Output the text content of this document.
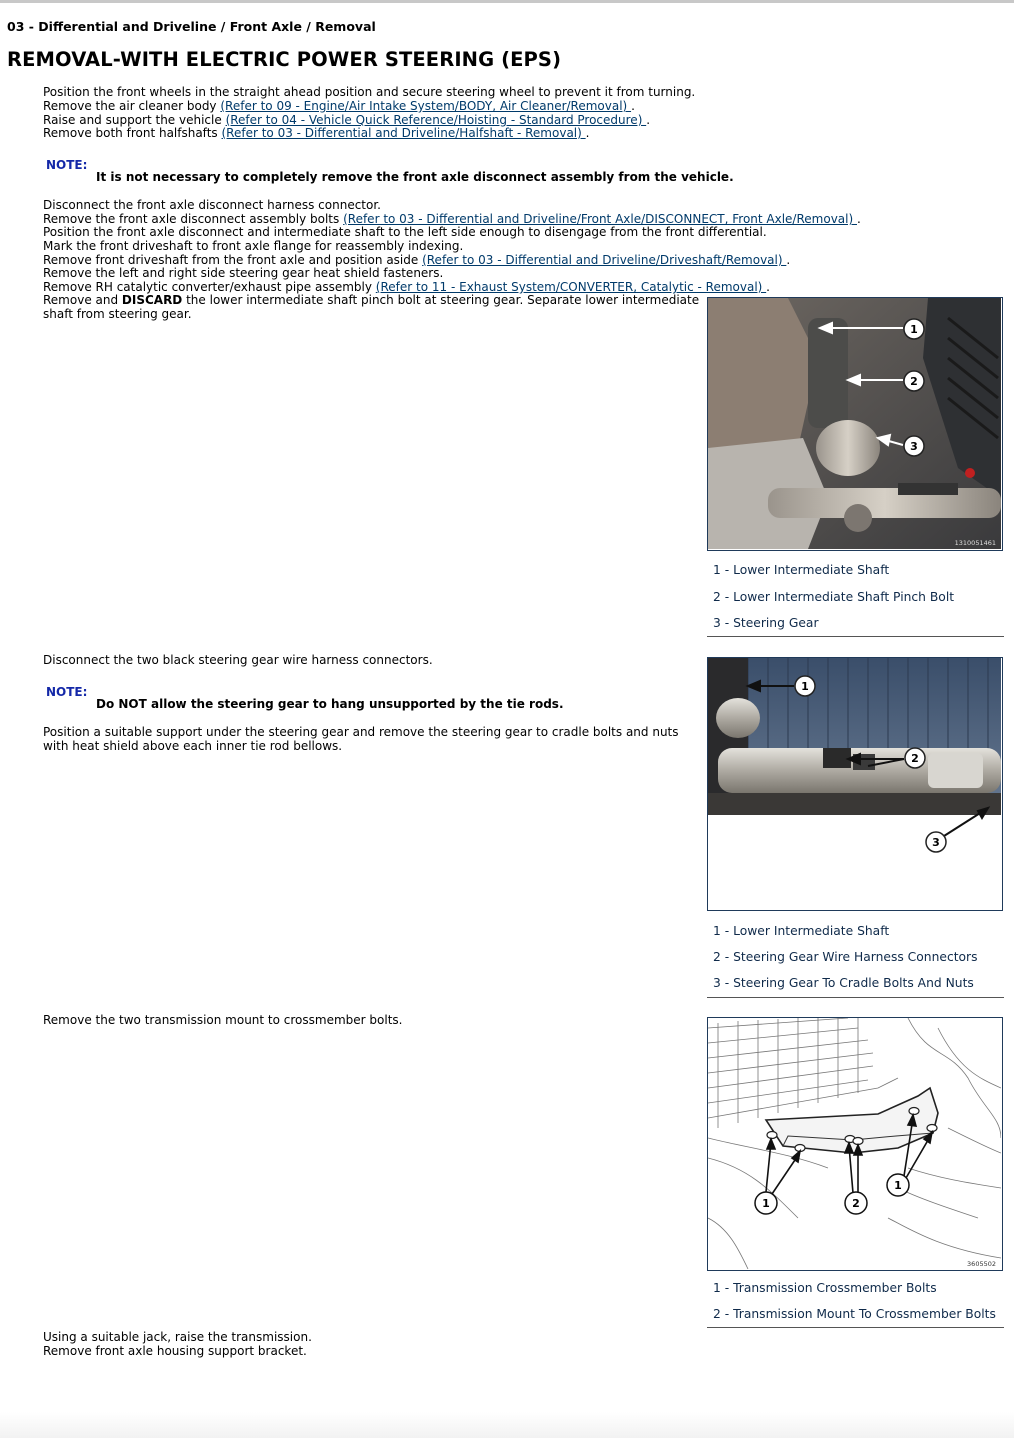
03 - Differential and Driveline / Front Axle / Removal
REMOVAL-WITH ELECTRIC POWER STEERING (EPS)
Position the front wheels in the straight ahead position and secure steering wheel to prevent it from turning.
Remove the air cleaner body (Refer to 09 - Engine/Air Intake System/BODY, Air Cleaner/Removal) .
Raise and support the vehicle (Refer to 04 - Vehicle Quick Reference/Hoisting - Standard Procedure) .
Remove both front halfshafts (Refer to 03 - Differential and Driveline/Halfshaft - Removal) .
NOTE:
It is not necessary to completely remove the front axle disconnect assembly from the vehicle.
Disconnect the front axle disconnect harness connector.
Remove the front axle disconnect assembly bolts (Refer to 03 - Differential and Driveline/Front Axle/DISCONNECT, Front Axle/Removal) .
Position the front axle disconnect and intermediate shaft to the left side enough to disengage from the front differential.
Mark the front driveshaft to front axle flange for reassembly indexing.
Remove front driveshaft from the front axle and position aside (Refer to 03 - Differential and Driveline/Driveshaft/Removal) .
Remove the left and right side steering gear heat shield fasteners.
Remove RH catalytic converter/exhaust pipe assembly (Refer to 11 - Exhaust System/CONVERTER, Catalytic - Removal) .
Remove and DISCARD the lower intermediate shaft pinch bolt at steering gear. Separate lower intermediate
shaft from steering gear.
1
2
3
1310051461
1 - Lower Intermediate Shaft
2 - Lower Intermediate Shaft Pinch Bolt
3 - Steering Gear
Disconnect the two black steering gear wire harness connectors.
NOTE:
Do NOT allow the steering gear to hang unsupported by the tie rods.
Position a suitable support under the steering gear and remove the steering gear to cradle bolts and nuts
with heat shield above each inner tie rod bellows.
1
2
3
1 - Lower Intermediate Shaft
2 - Steering Gear Wire Harness Connectors
3 - Steering Gear To Cradle Bolts And Nuts
Remove the two transmission mount to crossmember bolts.
1	2
1
3605502
1 - Transmission Crossmember Bolts
2 - Transmission Mount To Crossmember Bolts
Using a suitable jack, raise the transmission.
Remove front axle housing support bracket.
